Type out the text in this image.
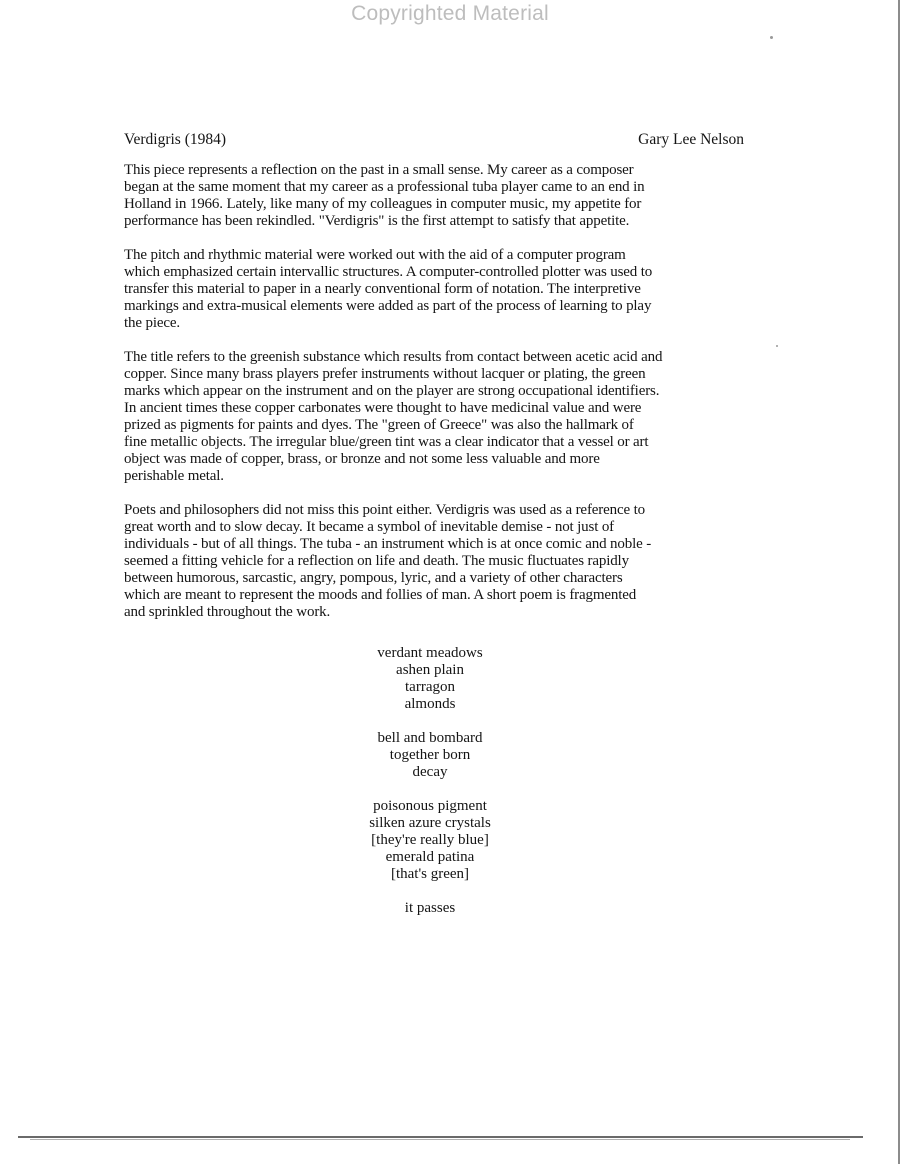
Copyrighted Material
Verdigris (1984)	Gary Lee Nelson

This piece represents a reflection on the past in a small sense. My career as a composer
began at the same moment that my career as a professional tuba player came to an end in
Holland in 1966. Lately, like many of my colleagues in computer music, my appetite for
performance has been rekindled. "Verdigris" is the first attempt to satisfy that appetite.

The pitch and rhythmic material were worked out with the aid of a computer program
which emphasized certain intervallic structures. A computer-controlled plotter was used to
transfer this material to paper in a nearly conventional form of notation. The interpretive
markings and extra-musical elements were added as part of the process of learning to play
the piece.

The title refers to the greenish substance which results from contact between acetic acid and
copper. Since many brass players prefer instruments without lacquer or plating, the green
marks which appear on the instrument and on the player are strong occupational identifiers.
In ancient times these copper carbonates were thought to have medicinal value and were
prized as pigments for paints and dyes. The "green of Greece" was also the hallmark of
fine metallic objects. The irregular blue/green tint was a clear indicator that a vessel or art
object was made of copper, brass, or bronze and not some less valuable and more
perishable metal.

Poets and philosophers did not miss this point either. Verdigris was used as a reference to
great worth and to slow decay. It became a symbol of inevitable demise - not just of
individuals - but of all things. The tuba - an instrument which is at once comic and noble -
seemed a fitting vehicle for a reflection on life and death. The music fluctuates rapidly
between humorous, sarcastic, angry, pompous, lyric, and a variety of other characters
which are meant to represent the moods and follies of man. A short poem is fragmented
and sprinkled throughout the work.

verdant meadows
ashen plain
tarragon
almonds
bell and bombard
together born
decay
poisonous pigment
silken azure crystals
[they're really blue]
emerald patina
[that's green]
it passes
